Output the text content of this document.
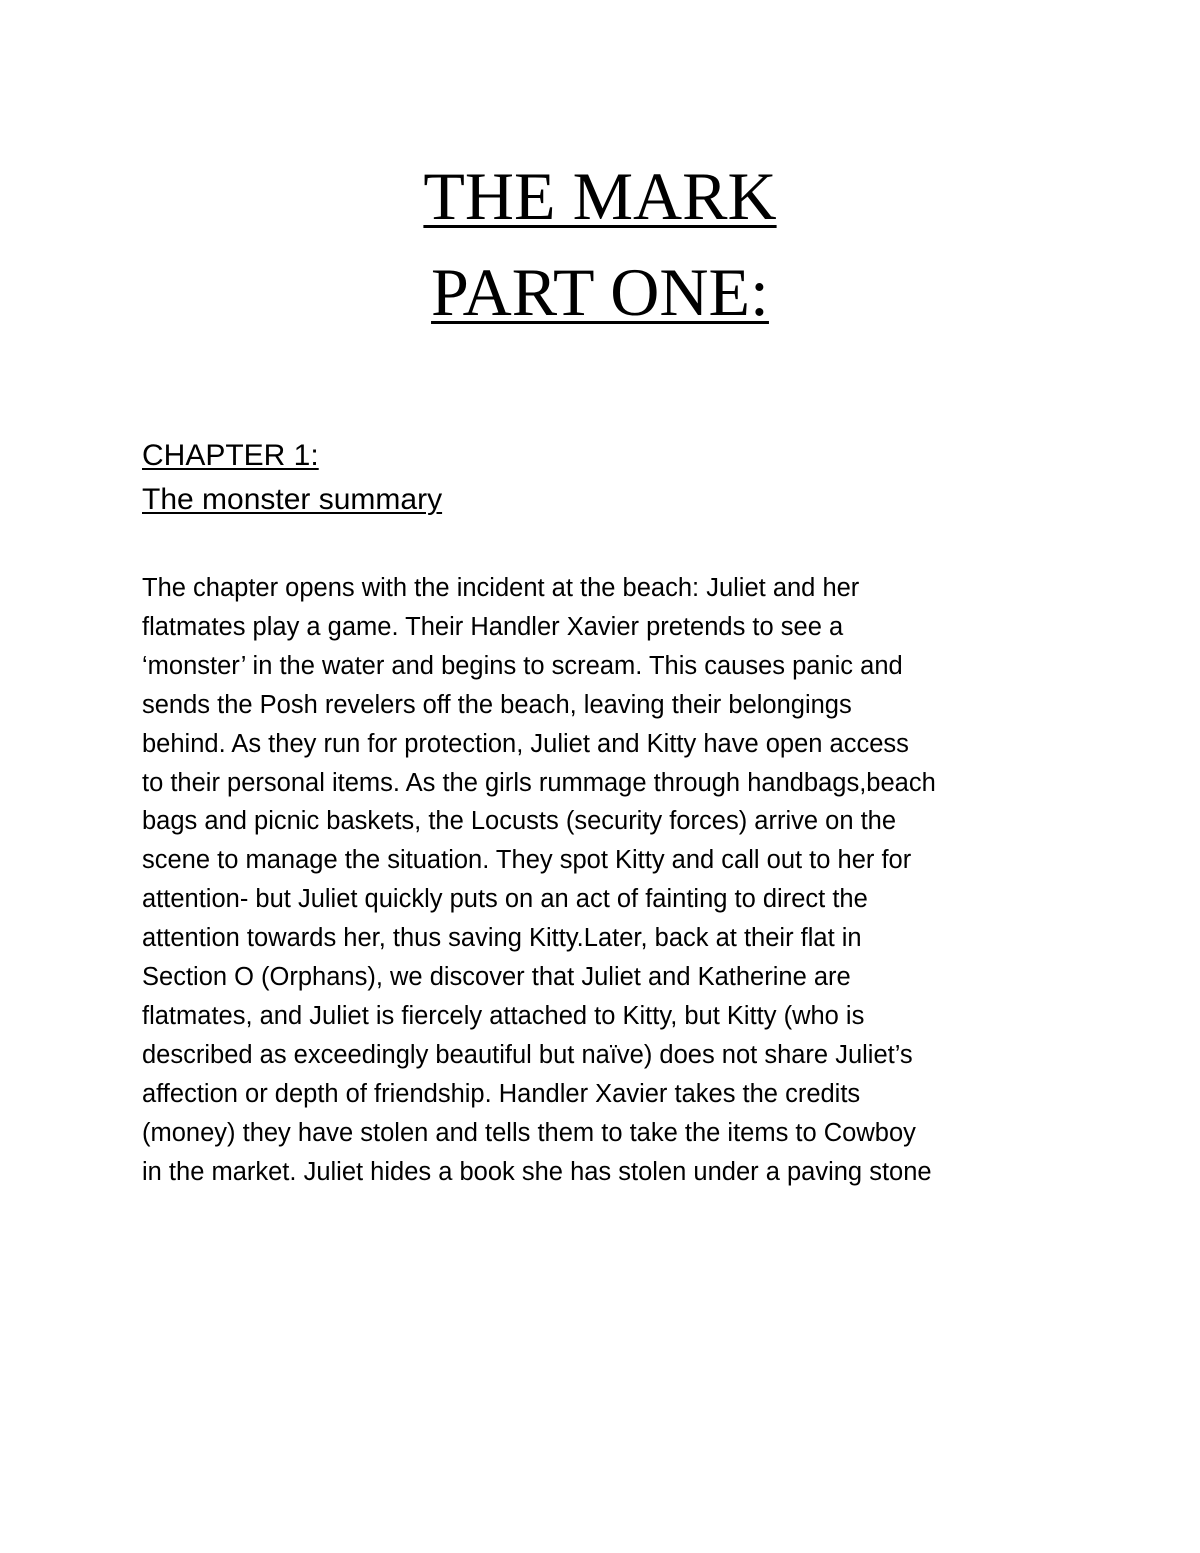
THE MARK
PART ONE:
CHAPTER 1:
The monster summary
The chapter opens with the incident at the beach: Juliet and her
flatmates play a game. Their Handler Xavier pretends to see a
‘monster’ in the water and begins to scream. This causes panic and
sends the Posh revelers off the beach, leaving their belongings
behind. As they run for protection, Juliet and Kitty have open access
to their personal items. As the girls rummage through handbags,beach
bags and picnic baskets, the Locusts (security forces) arrive on the
scene to manage the situation. They spot Kitty and call out to her for
attention- but Juliet quickly puts on an act of fainting to direct the
attention towards her, thus saving Kitty.Later, back at their flat in
Section O (Orphans), we discover that Juliet and Katherine are
flatmates, and Juliet is fiercely attached to Kitty, but Kitty (who is
described as exceedingly beautiful but naïve) does not share Juliet’s
affection or depth of friendship. Handler Xavier takes the credits
(money) they have stolen and tells them to take the items to Cowboy
in the market. Juliet hides a book she has stolen under a paving stone
